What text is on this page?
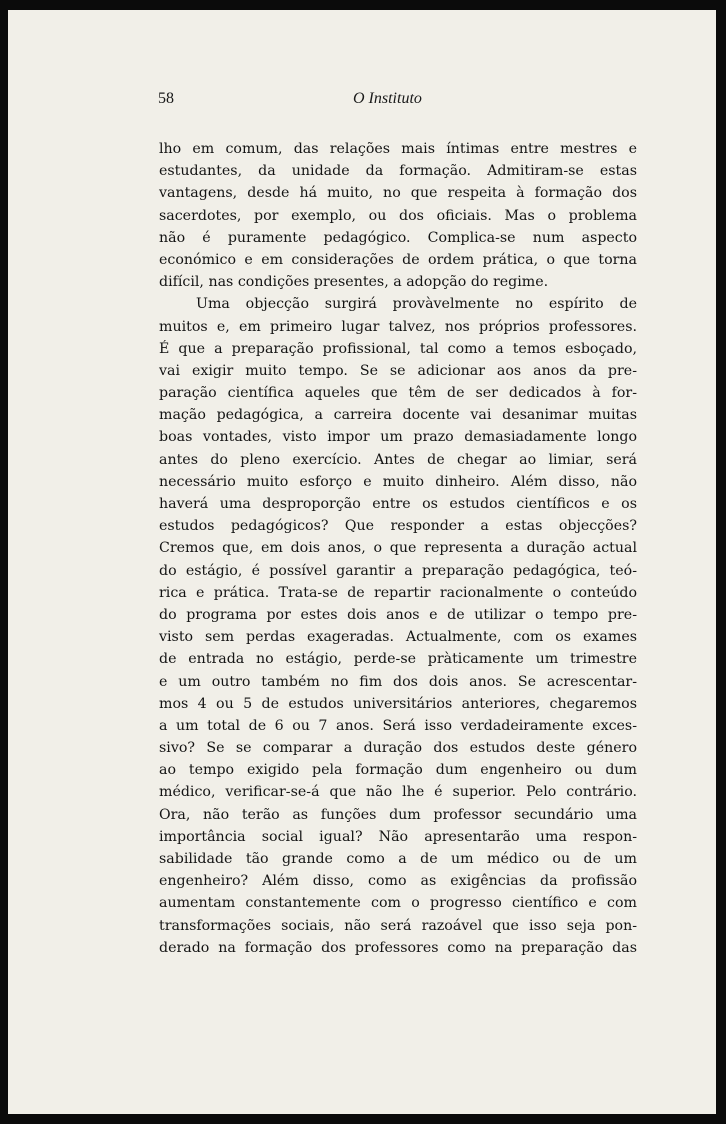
58	O Instituto
lho em comum, das relações mais íntimas entre mestres e
estudantes, da unidade da formação. Admitiram-se estas
vantagens, desde há muito, no que respeita à formação dos
sacerdotes, por exemplo, ou dos oficiais. Mas o problema
não é puramente pedagógico. Complica-se num aspecto
económico e em considerações de ordem prática, o que torna
difícil, nas condições presentes, a adopção do regime.
Uma objecção surgirá provàvelmente no espírito de
muitos e, em primeiro lugar talvez, nos próprios professores.
É que a preparação profissional, tal como a temos esboçado,
vai exigir muito tempo. Se se adicionar aos anos da pre-
paração científica aqueles que têm de ser dedicados à for-
mação pedagógica, a carreira docente vai desanimar muitas
boas vontades, visto impor um prazo demasiadamente longo
antes do pleno exercício. Antes de chegar ao limiar, será
necessário muito esforço e muito dinheiro. Além disso, não
haverá uma desproporção entre os estudos científicos e os
estudos pedagógicos? Que responder a estas objecções?
Cremos que, em dois anos, o que representa a duração actual
do estágio, é possível garantir a preparação pedagógica, teó-
rica e prática. Trata-se de repartir racionalmente o conteúdo
do programa por estes dois anos e de utilizar o tempo pre-
visto sem perdas exageradas. Actualmente, com os exames
de entrada no estágio, perde-se pràticamente um trimestre
e um outro também no fim dos dois anos. Se acrescentar-
mos 4 ou 5 de estudos universitários anteriores, chegaremos
a um total de 6 ou 7 anos. Será isso verdadeiramente exces-
sivo? Se se comparar a duração dos estudos deste género
ao tempo exigido pela formação dum engenheiro ou dum
médico, verificar-se-á que não lhe é superior. Pelo contrário.
Ora, não terão as funções dum professor secundário uma
importância social igual? Não apresentarão uma respon-
sabilidade tão grande como a de um médico ou de um
engenheiro? Além disso, como as exigências da profissão
aumentam constantemente com o progresso científico e com
transformações sociais, não será razoável que isso seja pon-
derado na formação dos professores como na preparação das
